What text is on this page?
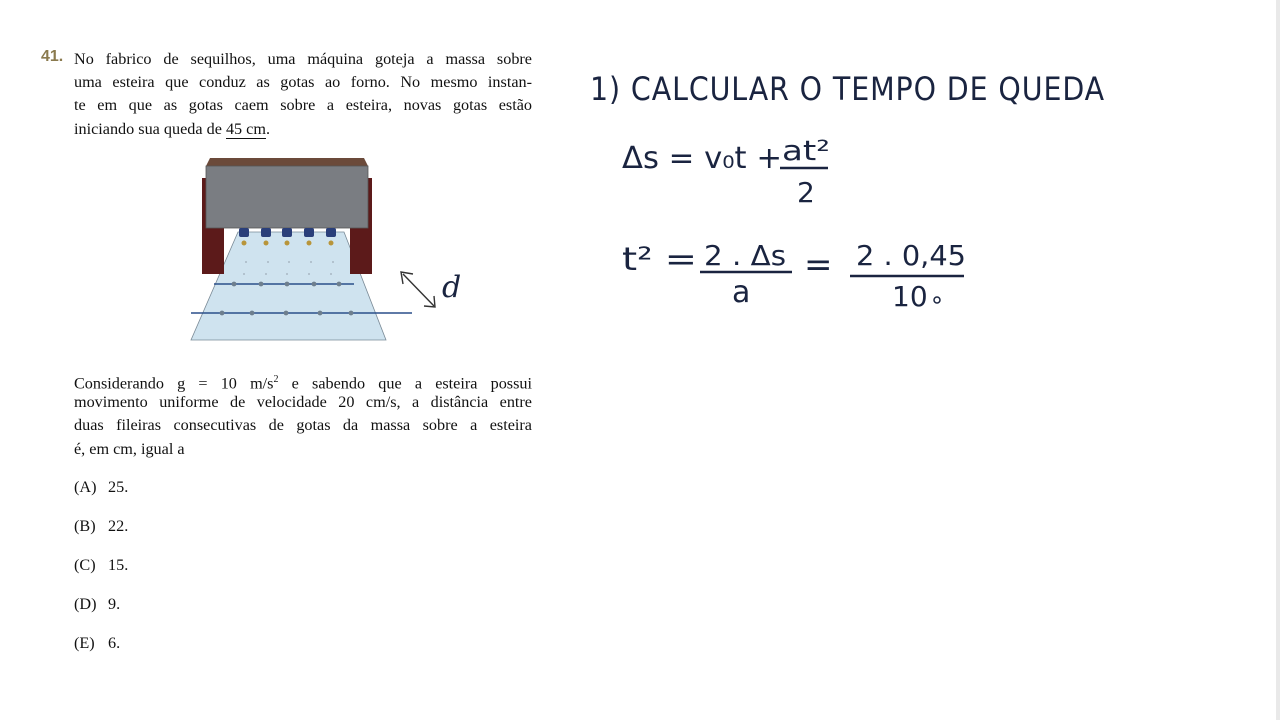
41. No fabrico de sequilhos, uma máquina goteja a massa sobre
uma esteira que conduz as gotas ao forno. No mesmo instan-
te em que as gotas caem sobre a esteira, novas gotas estão
iniciando sua queda de 45 cm.
d
Considerando g = 10 $m/s^2$ e sabendo que a esteira possui
movimento uniforme de velocidade 20 cm/s, a distância entre
duas fileiras consecutivas de gotas da massa sobre a esteira
é, em cm, igual a
(A) 25.
(B) 22.
(C) 15.
(D) 9.
(E) 6.
1) CALCULAR O TEMPO DE QUEDA
Δs = v₀t + at²
2
t² = 2 . Δs
a
= 2 . 0,45
10
